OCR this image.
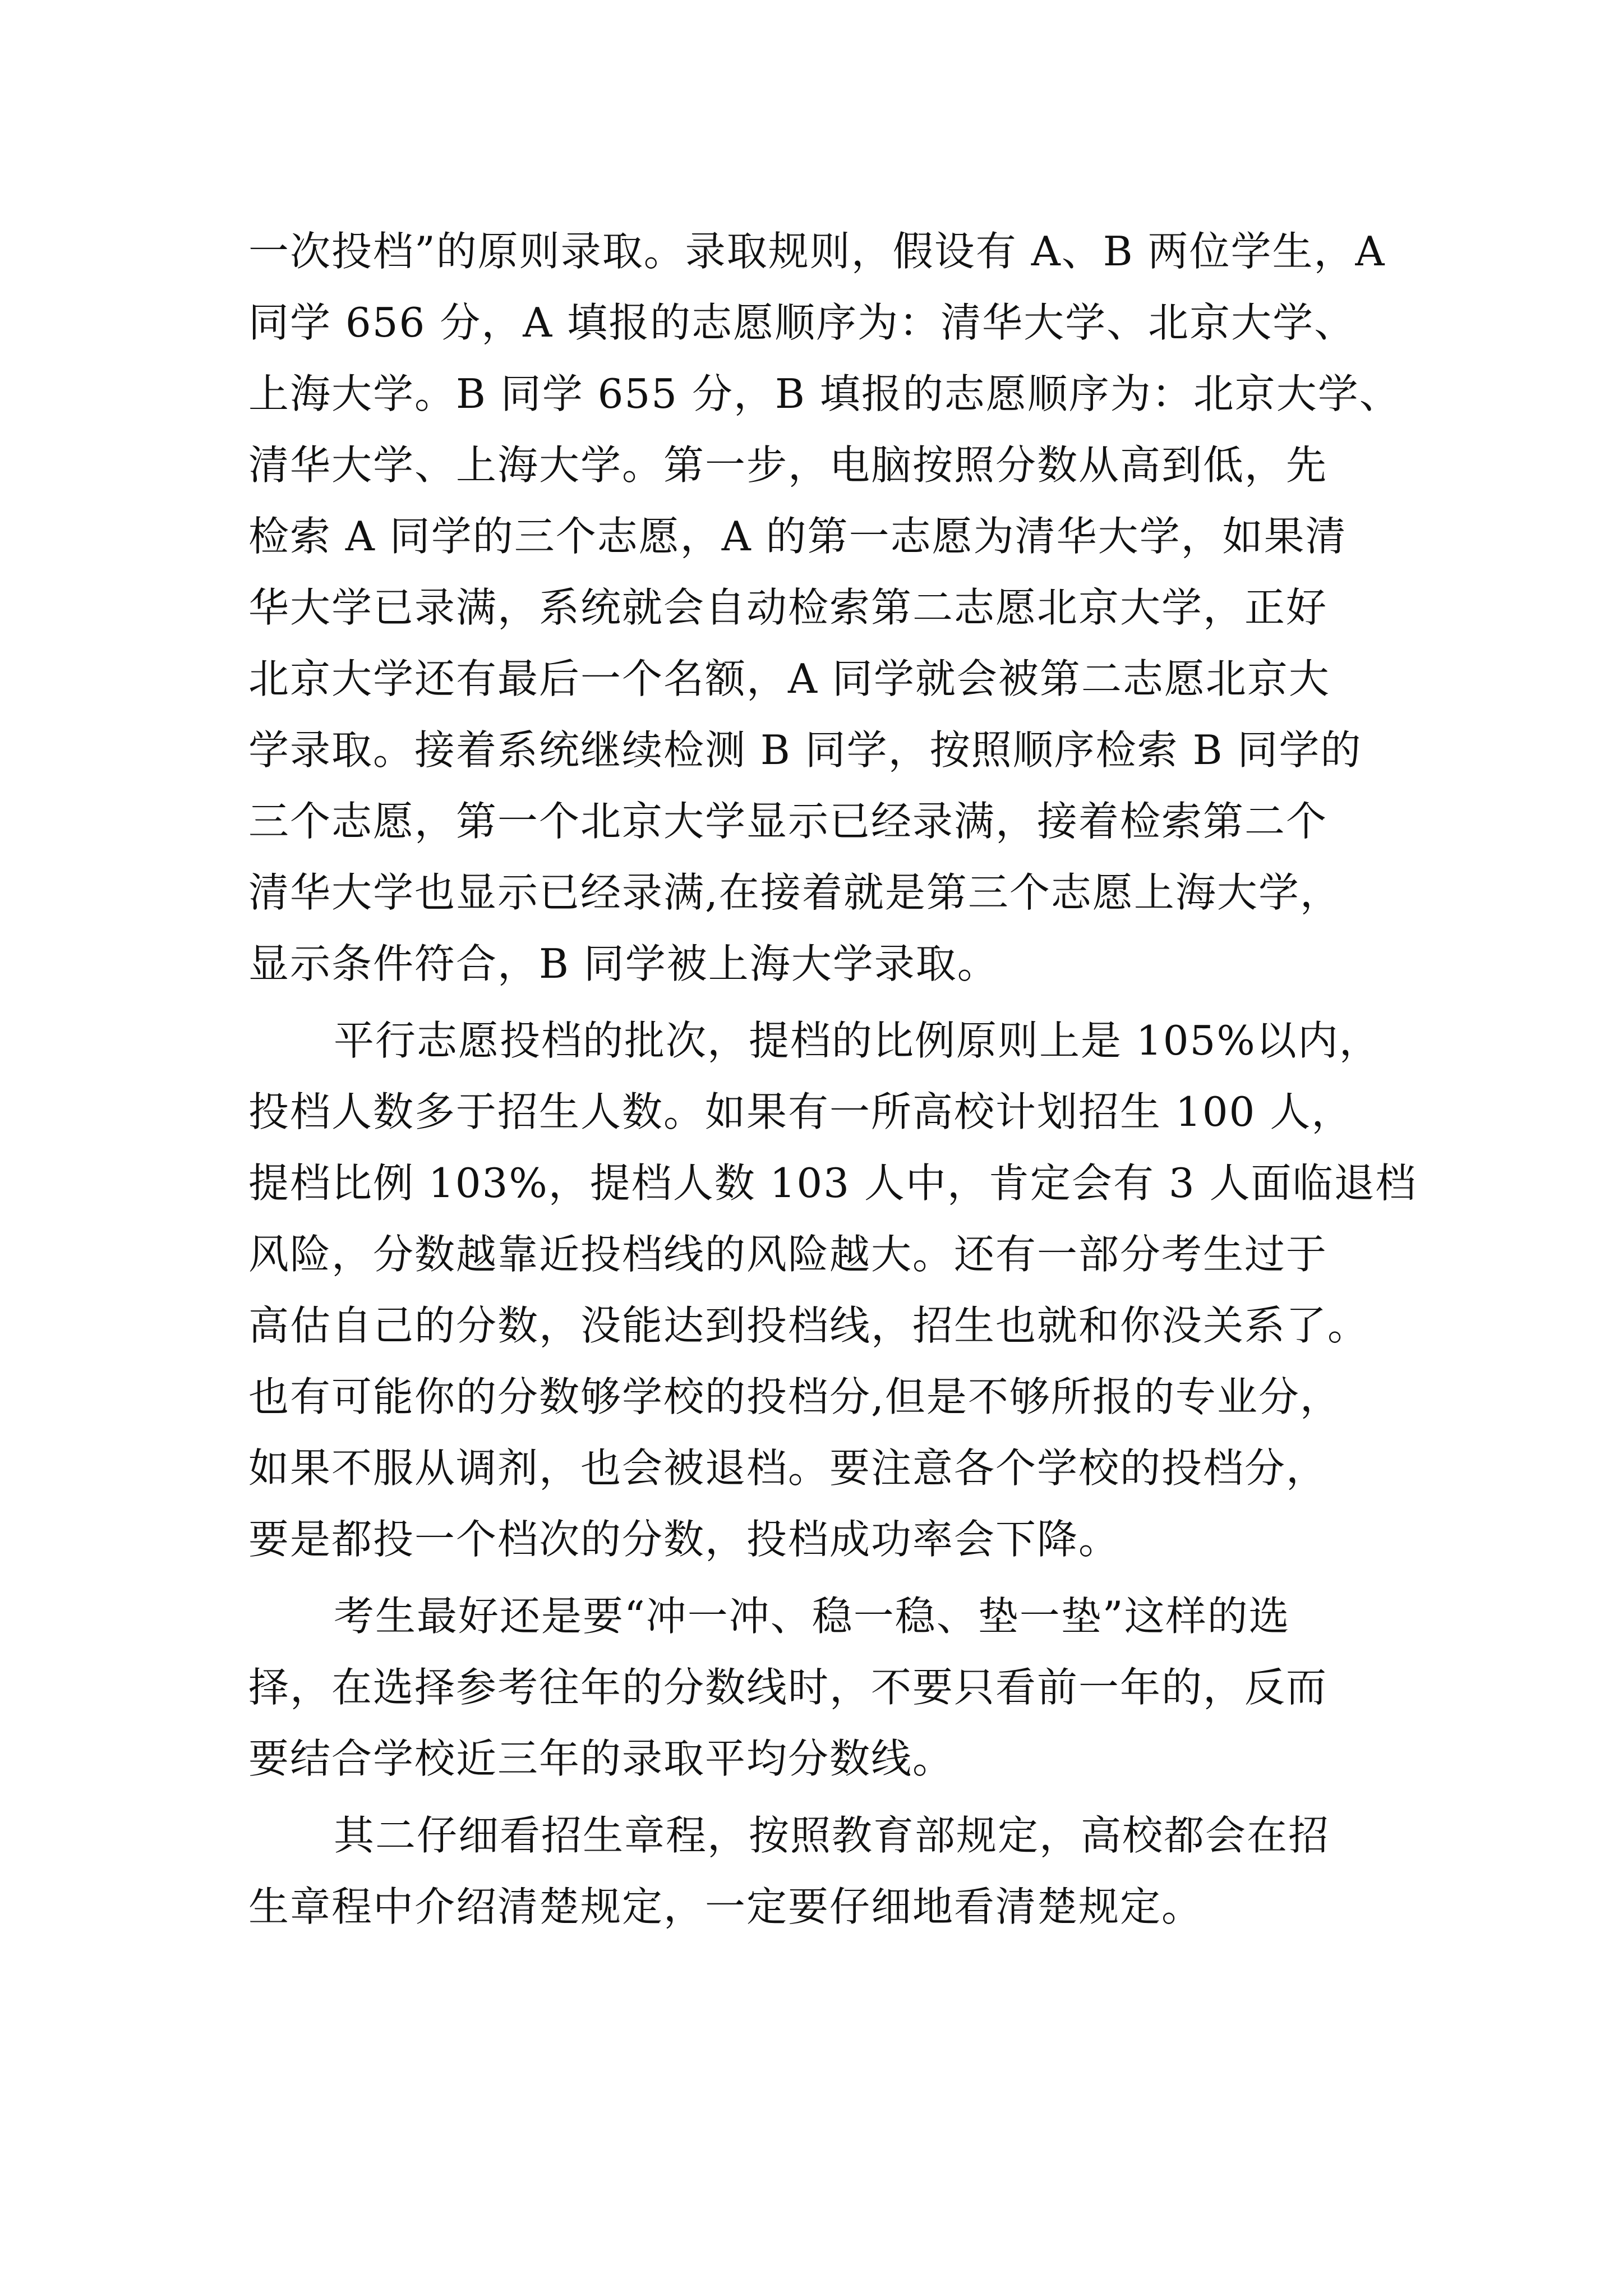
一次投档”的原则录取。录取规则，假设有 A、B 两位学生，A
同学 656 分，A 填报的志愿顺序为：清华大学、北京大学、
上海大学。B 同学 655 分，B 填报的志愿顺序为：北京大学、
清华大学、上海大学。第一步，电脑按照分数从高到低，先
检索 A 同学的三个志愿，A 的第一志愿为清华大学，如果清
华大学已录满，系统就会自动检索第二志愿北京大学，正好
北京大学还有最后一个名额，A 同学就会被第二志愿北京大
学录取。接着系统继续检测 B 同学，按照顺序检索 B 同学的
三个志愿，第一个北京大学显示已经录满，接着检索第二个
清华大学也显示已经录满,在接着就是第三个志愿上海大学，
显示条件符合，B 同学被上海大学录取。
平行志愿投档的批次，提档的比例原则上是 105%以内，
投档人数多于招生人数。如果有一所高校计划招生 100 人，
提档比例 103%，提档人数 103 人中，肯定会有 3 人面临退档
风险，分数越靠近投档线的风险越大。还有一部分考生过于
高估自己的分数，没能达到投档线，招生也就和你没关系了。
也有可能你的分数够学校的投档分,但是不够所报的专业分，
如果不服从调剂，也会被退档。要注意各个学校的投档分，
要是都投一个档次的分数，投档成功率会下降。
考生最好还是要“冲一冲、稳一稳、垫一垫”这样的选
择，在选择参考往年的分数线时，不要只看前一年的，反而
要结合学校近三年的录取平均分数线。
其二仔细看招生章程，按照教育部规定，高校都会在招
生章程中介绍清楚规定，一定要仔细地看清楚规定。
